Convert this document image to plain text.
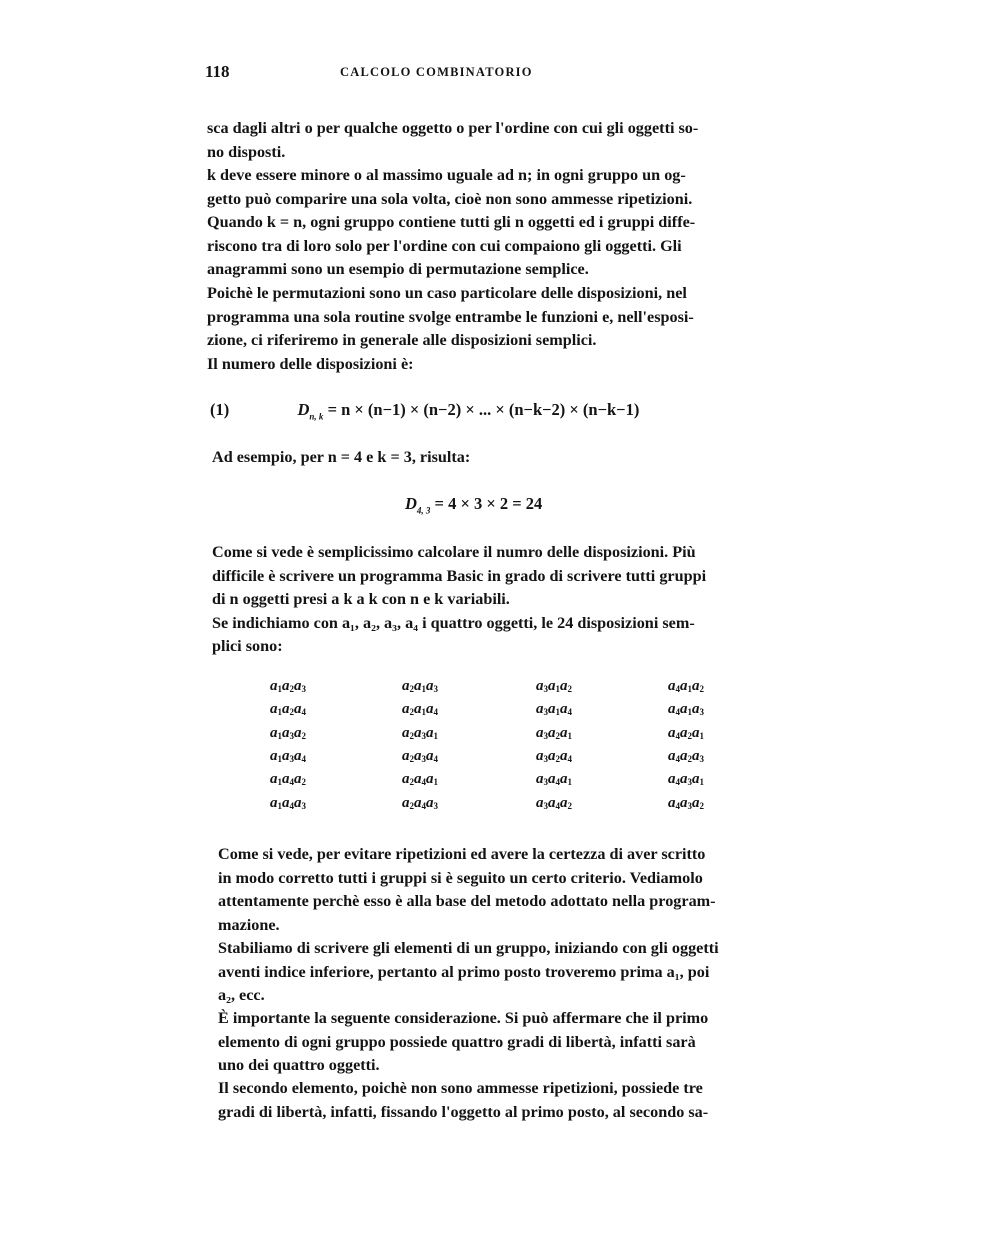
118	CALCOLO COMBINATORIO
sca dagli altri o per qualche oggetto o per l'ordine con cui gli oggetti so-
no disposti.
k deve essere minore o al massimo uguale ad n; in ogni gruppo un og-
getto può comparire una sola volta, cioè non sono ammesse ripetizioni.
Quando k = n, ogni gruppo contiene tutti gli n oggetti ed i gruppi diffe-
riscono tra di loro solo per l'ordine con cui compaiono gli oggetti. Gli
anagrammi sono un esempio di permutazione semplice.
Poichè le permutazioni sono un caso particolare delle disposizioni, nel
programma una sola routine svolge entrambe le funzioni e, nell'esposi-
zione, ci riferiremo in generale alle disposizioni semplici.
Il numero delle disposizioni è:
(1)	$D_{n, k} = n \times (n-1) \times (n-2)$ × ... × (n−k−2) × (n−k−1)
Ad esempio, per n = 4 e k = 3, risulta:
$D_{4, 3} = 4 \times 3 \times 2 = 24$
Come si vede è semplicissimo calcolare il numro delle disposizioni. Più
difficile è scrivere un programma Basic in grado di scrivere tutti gruppi
di n oggetti presi a k a k con n e k variabili.
Se indichiamo con a₁, a₂, a₃, a₄ i quattro oggetti, le 24 disposizioni sem-
plici sono:
$a_1a_2a_3$
$a_1a_2a_4$
$a_1a_3a_2$
$a_1a_3a_4$
$a_1a_4a_2$
$a_1a_4a_3$
$a_2a_1a_3$
$a_2a_1a_4$
$a_2a_3a_1$
$a_2a_3a_4$
$a_2a_4a_1$
$a_2a_4a_3$
$a_3a_1a_2$
$a_3a_1a_4$
$a_3a_2a_1$
$a_3a_2a_4$
$a_3a_4a_1$
$a_3a_4a_2$
$a_4a_1a_2$
$a_4a_1a_3$
$a_4a_2a_1$
$a_4a_2a_3$
$a_4a_3a_1$
$a_4a_3a_2$
Come si vede, per evitare ripetizioni ed avere la certezza di aver scritto
in modo corretto tutti i gruppi si è seguito un certo criterio. Vediamolo
attentamente perchè esso è alla base del metodo adottato nella program-
mazione.
Stabiliamo di scrivere gli elementi di un gruppo, iniziando con gli oggetti
aventi indice inferiore, pertanto al primo posto troveremo prima a₁, poi
a₂, ecc.
È importante la seguente considerazione. Si può affermare che il primo
elemento di ogni gruppo possiede quattro gradi di libertà, infatti sarà
uno dei quattro oggetti.
Il secondo elemento, poichè non sono ammesse ripetizioni, possiede tre
gradi di libertà, infatti, fissando l'oggetto al primo posto, al secondo sa-
